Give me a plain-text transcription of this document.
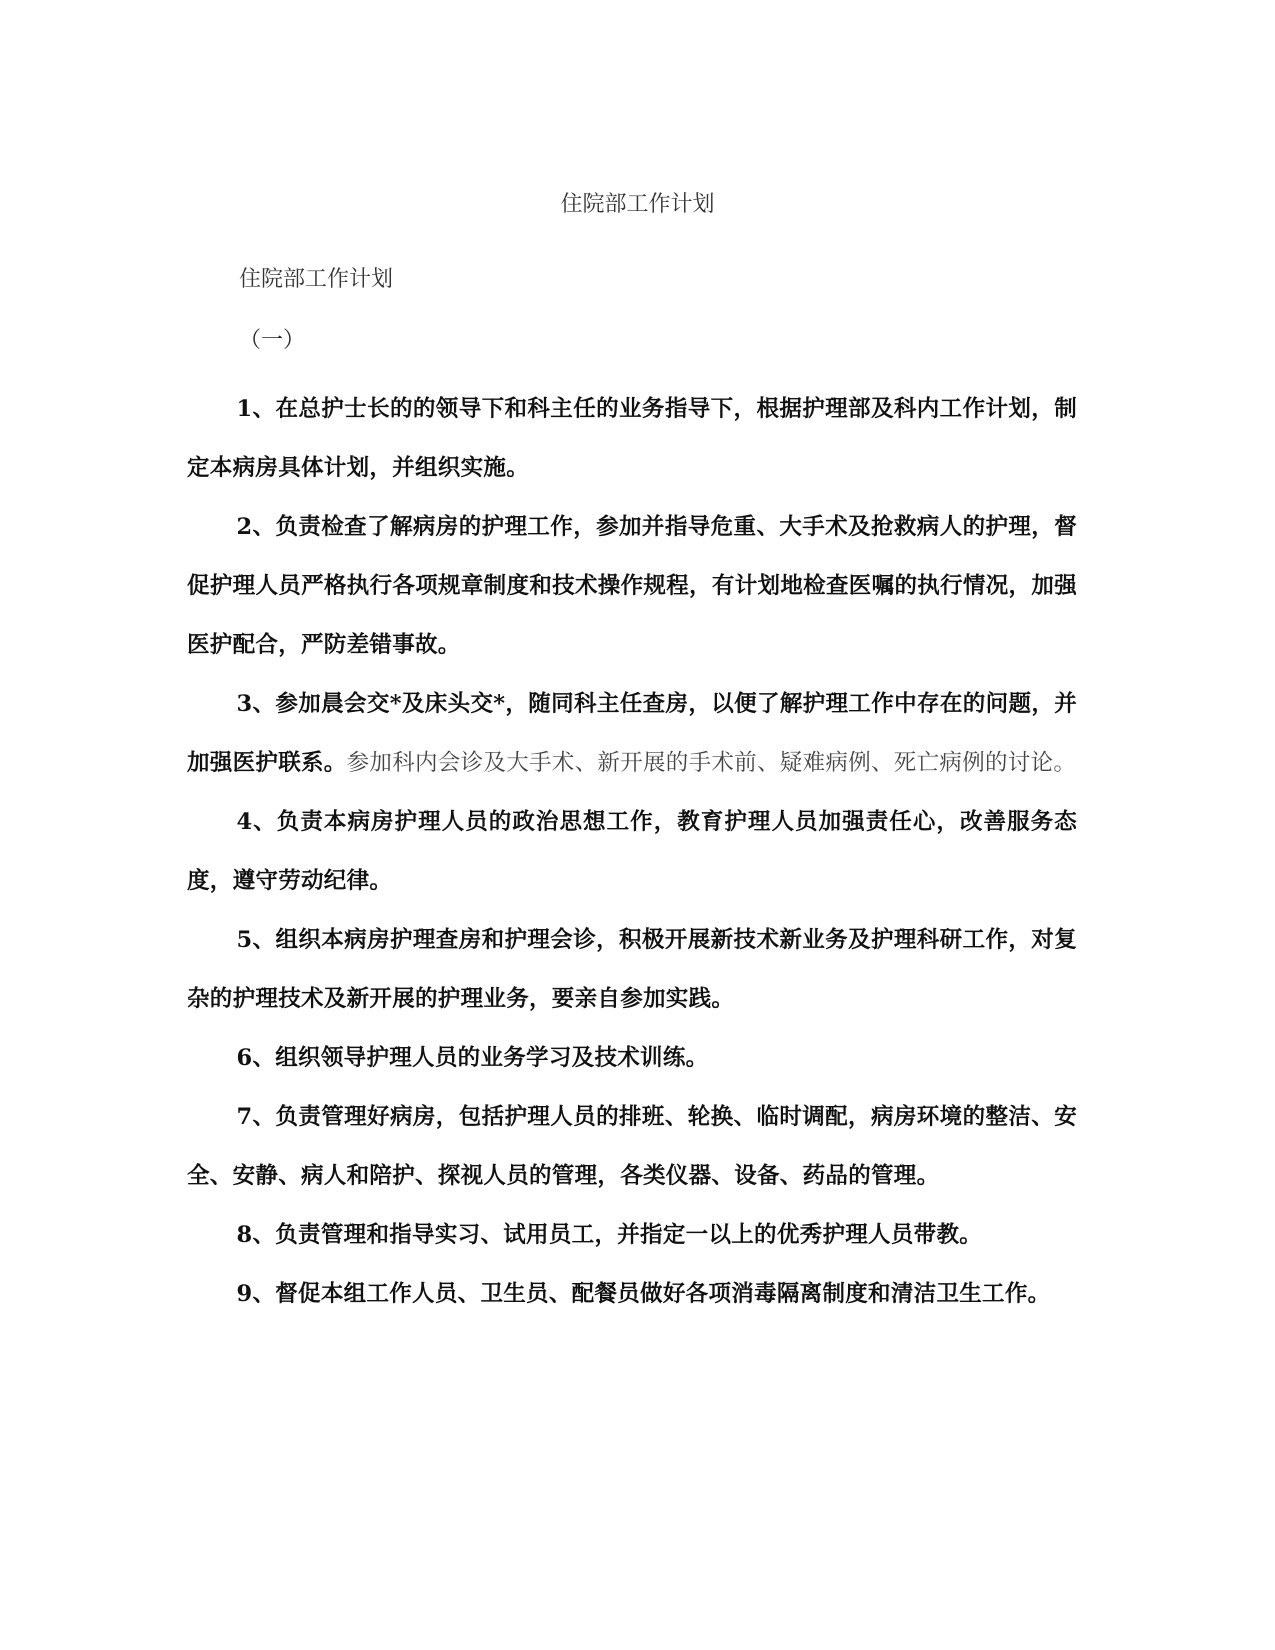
住院部工作计划
住院部工作计划
（一）

1、在总护士长的的领导下和科主任的业务指导下，根据护理部及科内工作计划，制定本病房具体计划，并组织实施。

2、负责检查了解病房的护理工作，参加并指导危重、大手术及抢救病人的护理，督促护理人员严格执行各项规章制度和技术操作规程，有计划地检查医嘱的执行情况，加强医护配合，严防差错事故。

3、参加晨会交*及床头交*，随同科主任查房，以便了解护理工作中存在的问题，并加强医护联系。参加科内会诊及大手术、新开展的手术前、疑难病例、死亡病例的讨论。

4、负责本病房护理人员的政治思想工作，教育护理人员加强责任心，改善服务态度，遵守劳动纪律。

5、组织本病房护理查房和护理会诊，积极开展新技术新业务及护理科研工作，对复杂的护理技术及新开展的护理业务，要亲自参加实践。

6、组织领导护理人员的业务学习及技术训练。

7、负责管理好病房，包括护理人员的排班、轮换、临时调配，病房环境的整洁、安全、安静、病人和陪护、探视人员的管理，各类仪器、设备、药品的管理。

8、负责管理和指导实习、试用员工，并指定一以上的优秀护理人员带教。

9、督促本组工作人员、卫生员、配餐员做好各项消毒隔离制度和清洁卫生工作。
